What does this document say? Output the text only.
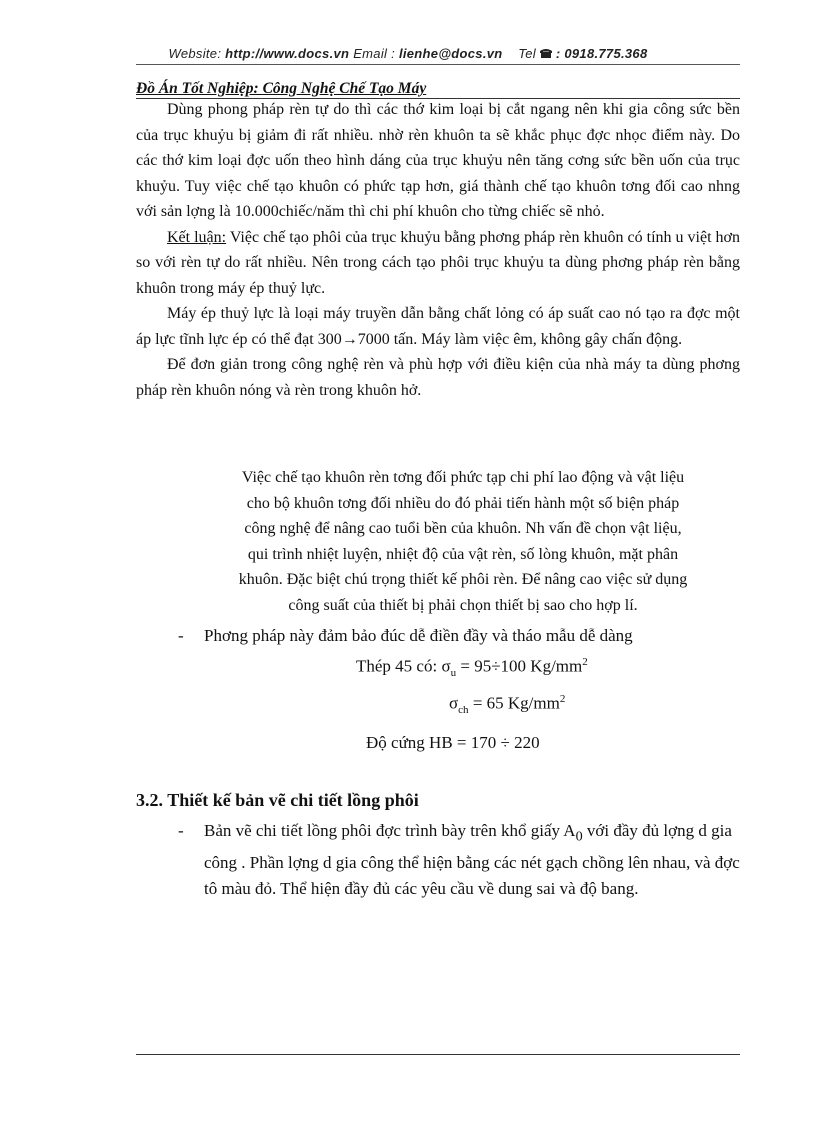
Website: http://www.docs.vn Email : lienhe@docs.vn Tel : 0918.775.368
Đồ Án Tốt Nghiệp: Công Nghệ Chế Tạo Máy

Dùng phong pháp rèn tự do thì các thớ kim loại bị cắt ngang nên khi gia công sức bền của trục khuỷu bị giảm đi rất nhiều. nhờ rèn khuôn ta sẽ khắc phục đợc nhọc điểm này. Do các thớ kim loại đợc uốn theo hình dáng của trục khuỷu nên tăng cơng sức bền uốn của trục khuỷu. Tuy việc chế tạo khuôn có phức tạp hơn, giá thành chế tạo khuôn tơng đối cao nhng với sản lợng là 10.000chiếc/năm thì chi phí khuôn cho từng chiếc sẽ nhỏ.

Kết luận: Việc chế tạo phôi của trục khuỷu bằng phơng pháp rèn khuôn có tính u việt hơn so với rèn tự do rất nhiều. Nên trong cách tạo phôi trục khuỷu ta dùng phơng pháp rèn bằng khuôn trong máy ép thuỷ lực.

Máy ép thuỷ lực là loại máy truyền dẫn bằng chất lỏng có áp suất cao nó tạo ra đợc một áp lực tĩnh lực ép có thể đạt 300→7000 tấn. Máy làm việc êm, không gây chấn động.

Để đơn giản trong công nghệ rèn và phù hợp với điều kiện của nhà máy ta dùng phơng pháp rèn khuôn nóng và rèn trong khuôn hở.

Việc chế tạo khuôn rèn tơng đối phức tạp chi phí lao động và vật liệu
cho bộ khuôn tơng đối nhiều do đó phải tiến hành một số biện pháp
công nghệ để nâng cao tuổi bền của khuôn. Nh vấn đề chọn vật liệu,
qui trình nhiệt luyện, nhiệt độ của vật rèn, số lòng khuôn, mặt phân
khuôn. Đặc biệt chú trọng thiết kế phôi rèn. Để nâng cao việc sử dụng
công suất của thiết bị phải chọn thiết bị sao cho hợp lí.
-	Phơng pháp này đảm bảo đúc dễ điền đầy và tháo mẫu dễ dàng
Thép 45 có: $\sigma_u = 95\div 100$ $Kg/mm^2$
$\sigma_{ch} = 65$ $Kg/mm^2$
Độ cứng HB = 170 ÷ 220
3.2. Thiết kế bản vẽ chi tiết lồng phôi
-	Bản vẽ chi tiết lồng phôi đợc trình bày trên khổ giấy $A_0$ với đầy đủ lợng d gia công . Phần lợng d gia công thể hiện bằng các nét gạch chồng lên nhau, và đợc tô màu đỏ. Thể hiện đầy đủ các yêu cầu về dung sai và độ bang.
